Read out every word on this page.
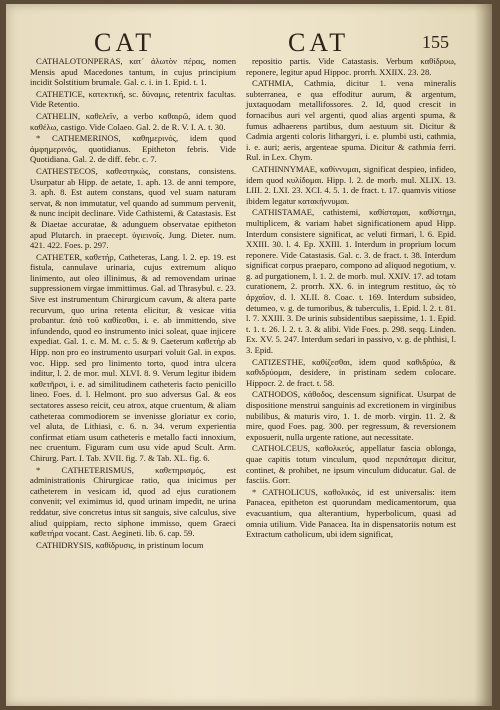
CAT	CAT	155

CATHALOTONPERAS, κατ᾽ ἀλωτὸν πέρας, nomen Mensis apud Macedones tantum, in cujus principium incidit Solstitium brumale. Gal. c. i. in 1. Epid. t. 1.

CATHETICE, κατεκτική, sc. δύναμις, retentrix facultas. Vide Retentio.

CATHELIN, καθελεῖν, a verbo καθαιρῶ, idem quod καθέλω, castigo. Vide Colaeo. Gal. 2. de R. V. I. A. t. 30.

* CATHEMERINOS, καθημερινός, idem quod ἀμφημερινός, quotidianus. Epitheton febris. Vide Quotidiana. Gal. 2. de diff. febr. c. 7.

CATHESTECOS, καθεστηκώς, constans, consistens. Usurpatur ab Hipp. de aetate, 1. aph. 13. de anni tempore, 3. aph. 8. Est autem constans, quod vel suam naturam servat, & non immutatur, vel quando ad summum pervenit, & nunc incipit declinare. Vide Cathistemi, & Catastasis. Est & Diaetae accuratae, & adunguem observatae epitheton apud Plutarch. in praecept. ὑγιεινοῖς. Jung. Dieter. num. 421. 422. Foes. p. 297.

CATHETER, καθετήρ, Catheteras, Lang. l. 2. ep. 19. est fistula, cannulave urinaria, cujus extremum aliquo linimento, aut oleo illinimus, & ad removendam urinae suppressionem virgae immittimus. Gal. ad Thrasybul. c. 23. Sive est instrumentum Chirurgicum cavum, & altera parte recurvum, quo urina retenta elicitur, & vesicae vitia probantur. ἀπὸ τοῦ καθίεσθαι, i. e. ab immittendo, sive infundendo, quod eo instrumento inici soleat, quae injicere expediat. Gal. 1. c. M. M. c. 5. & 9. Caeterum καθετήρ ab Hipp. non pro eo instrumento usurpari voluit Gal. in expos. voc. Hipp. sed pro linimento torto, quod intra ulcera inditur, l. 2. de mor. mul. XLVI. 8. 9. Verum legitur ibidem καθετῆρσι, i. e. ad similitudinem catheteris facto penicillo lineo. Foes. d. l. Helmont. pro suo adversus Gal. & eos sectatores asseso reicit, ceu atrox, atque cruentum, & aliam catheteraa commodiorem se invenisse gloriatur ex corio, vel aluta, de Lithiasi, c. 6. n. 34. verum experientia confirmat etiam usum catheteris e metallo facti innoxium, nec cruentum. Figuram cum usu vide apud Scult. Arm. Chirurg. Part. I. Tab. XVII. fig. 7. & Tab. XL. fig. 6.

* CATHETERISMUS, καθετηρισμός, est administrationis Chirurgicae ratio, qua inicimus per catheterem in vesicam id, quod ad ejus curationem convenit; vel eximimus id, quod urinam impedit, ne urina reddatur, sive concretus intus sit sanguis, sive calculus, sive aliud quippiam, recto siphone immisso, quem Graeci καθετήρα vocant. Cast. Aegineti. lib. 6. cap. 59.

CATHIDRYSIS, καθίδρυσις, in pristinum locum

repositio partis. Vide Catastasis. Verbum καθίδρυω, reponere, legitur apud Hippoc. prorrh. XXIIX. 23. 28.

CATHMIA, Cathmia, dicitur 1. vena mineralis subterranea, e qua effoditur aurum, & argentum, juxtaquodam metallifossores. 2. Id, quod crescit in fornacibus auri vel argenti, quod alias argenti spuma, & fumus adhaerens partibus, dum aestuum sit. Dicitur & Cadmia argenti coloris lithargyri, i. e. plumbi usti, cathmia, i. e. auri; aeris, argenteae spuma. Dicitur & cathmia ferri. Rul. in Lex. Chym.

CATHINNYMAE, καθίννυμαι, significat despieo, infideo, idem quod κυλίδομαι. Hipp. l. 2. de morb. mul. XLIX. 13. LIII. 2. LXI. 23. XCI. 4. 5. 1. de fract. t. 17. quamvis vitiose ibidem legatur κατακήννυμαι.

CATHISTAMAE, cathistemi, καθίσταμαι, καθίστημι, multiplicem, & variam habet significationem apud Hipp. Interdum consistere significat, ac veluti firmari, l. 6. Epid. XXIII. 30. l. 4. Ep. XXIII. 1. Interdum in proprium locum reponere. Vide Catastasis. Gal. c. 3. de fract. t. 38. Interdum significat corpus praeparo, compono ad aliquod negotium, v. g. ad purgationem, l. 1. 2. de morb. mul. XXIV. 17. ad totam curationem, 2. prorrh. XX. 6. in integrum restituo, ὡς τὸ ἀρχαῖον, d. l. XLII. 8. Coac. t. 169. Interdum subsideo, detumeo, v. g. de tumoribus, & tuberculis, 1. Epid. l. 2. t. 81. l. 7. XXIII. 3. De urinis subsidentibus saepissime, 1. 1. Epid. t. 1. t. 26. l. 2. t. 3. & alibi. Vide Foes. p. 298. seqq. Linden. Ex. XV. 5. 247. Interdum sedari in passivo, v. g. de phthisi, l. 3. Epid.

CATIZESTHE, καθίζεσθαι, idem quod καθιδρύω, & καθιδρύομαι, desidere, in pristinam sedem colocare. Hippocr. 2. de fract. t. 58.

CATHODOS, κάθοδος, descensum significat. Usurpat de dispositione menstrui sanguinis ad excretionem in virginibus nubilibus, & maturis viro, 1. 1. de morb. virgin. 11. 2. & mire, quod Foes. pag. 300. per regressum, & reversionem exposuerit, nulla urgente ratione, aut necessitate.

CATHOLCEUS, καθολκεύς, appellatur fascia oblonga, quae capitis totum vinculum, quod περιπάταμα dicitur, continet, & prohibet, ne ipsum vinculum diducatur. Gal. de fasciis. Gorr.

* CATHOLICUS, καθολικός, id est universalis: item Panacea, epitheton est quorundam medicamentorum, qua evacuantium, qua alterantium, hyperbolicum, quasi ad omnia utilium. Vide Panacea. Ita in dispensatoriis notum est Extractum catholicum, ubi idem significat,
